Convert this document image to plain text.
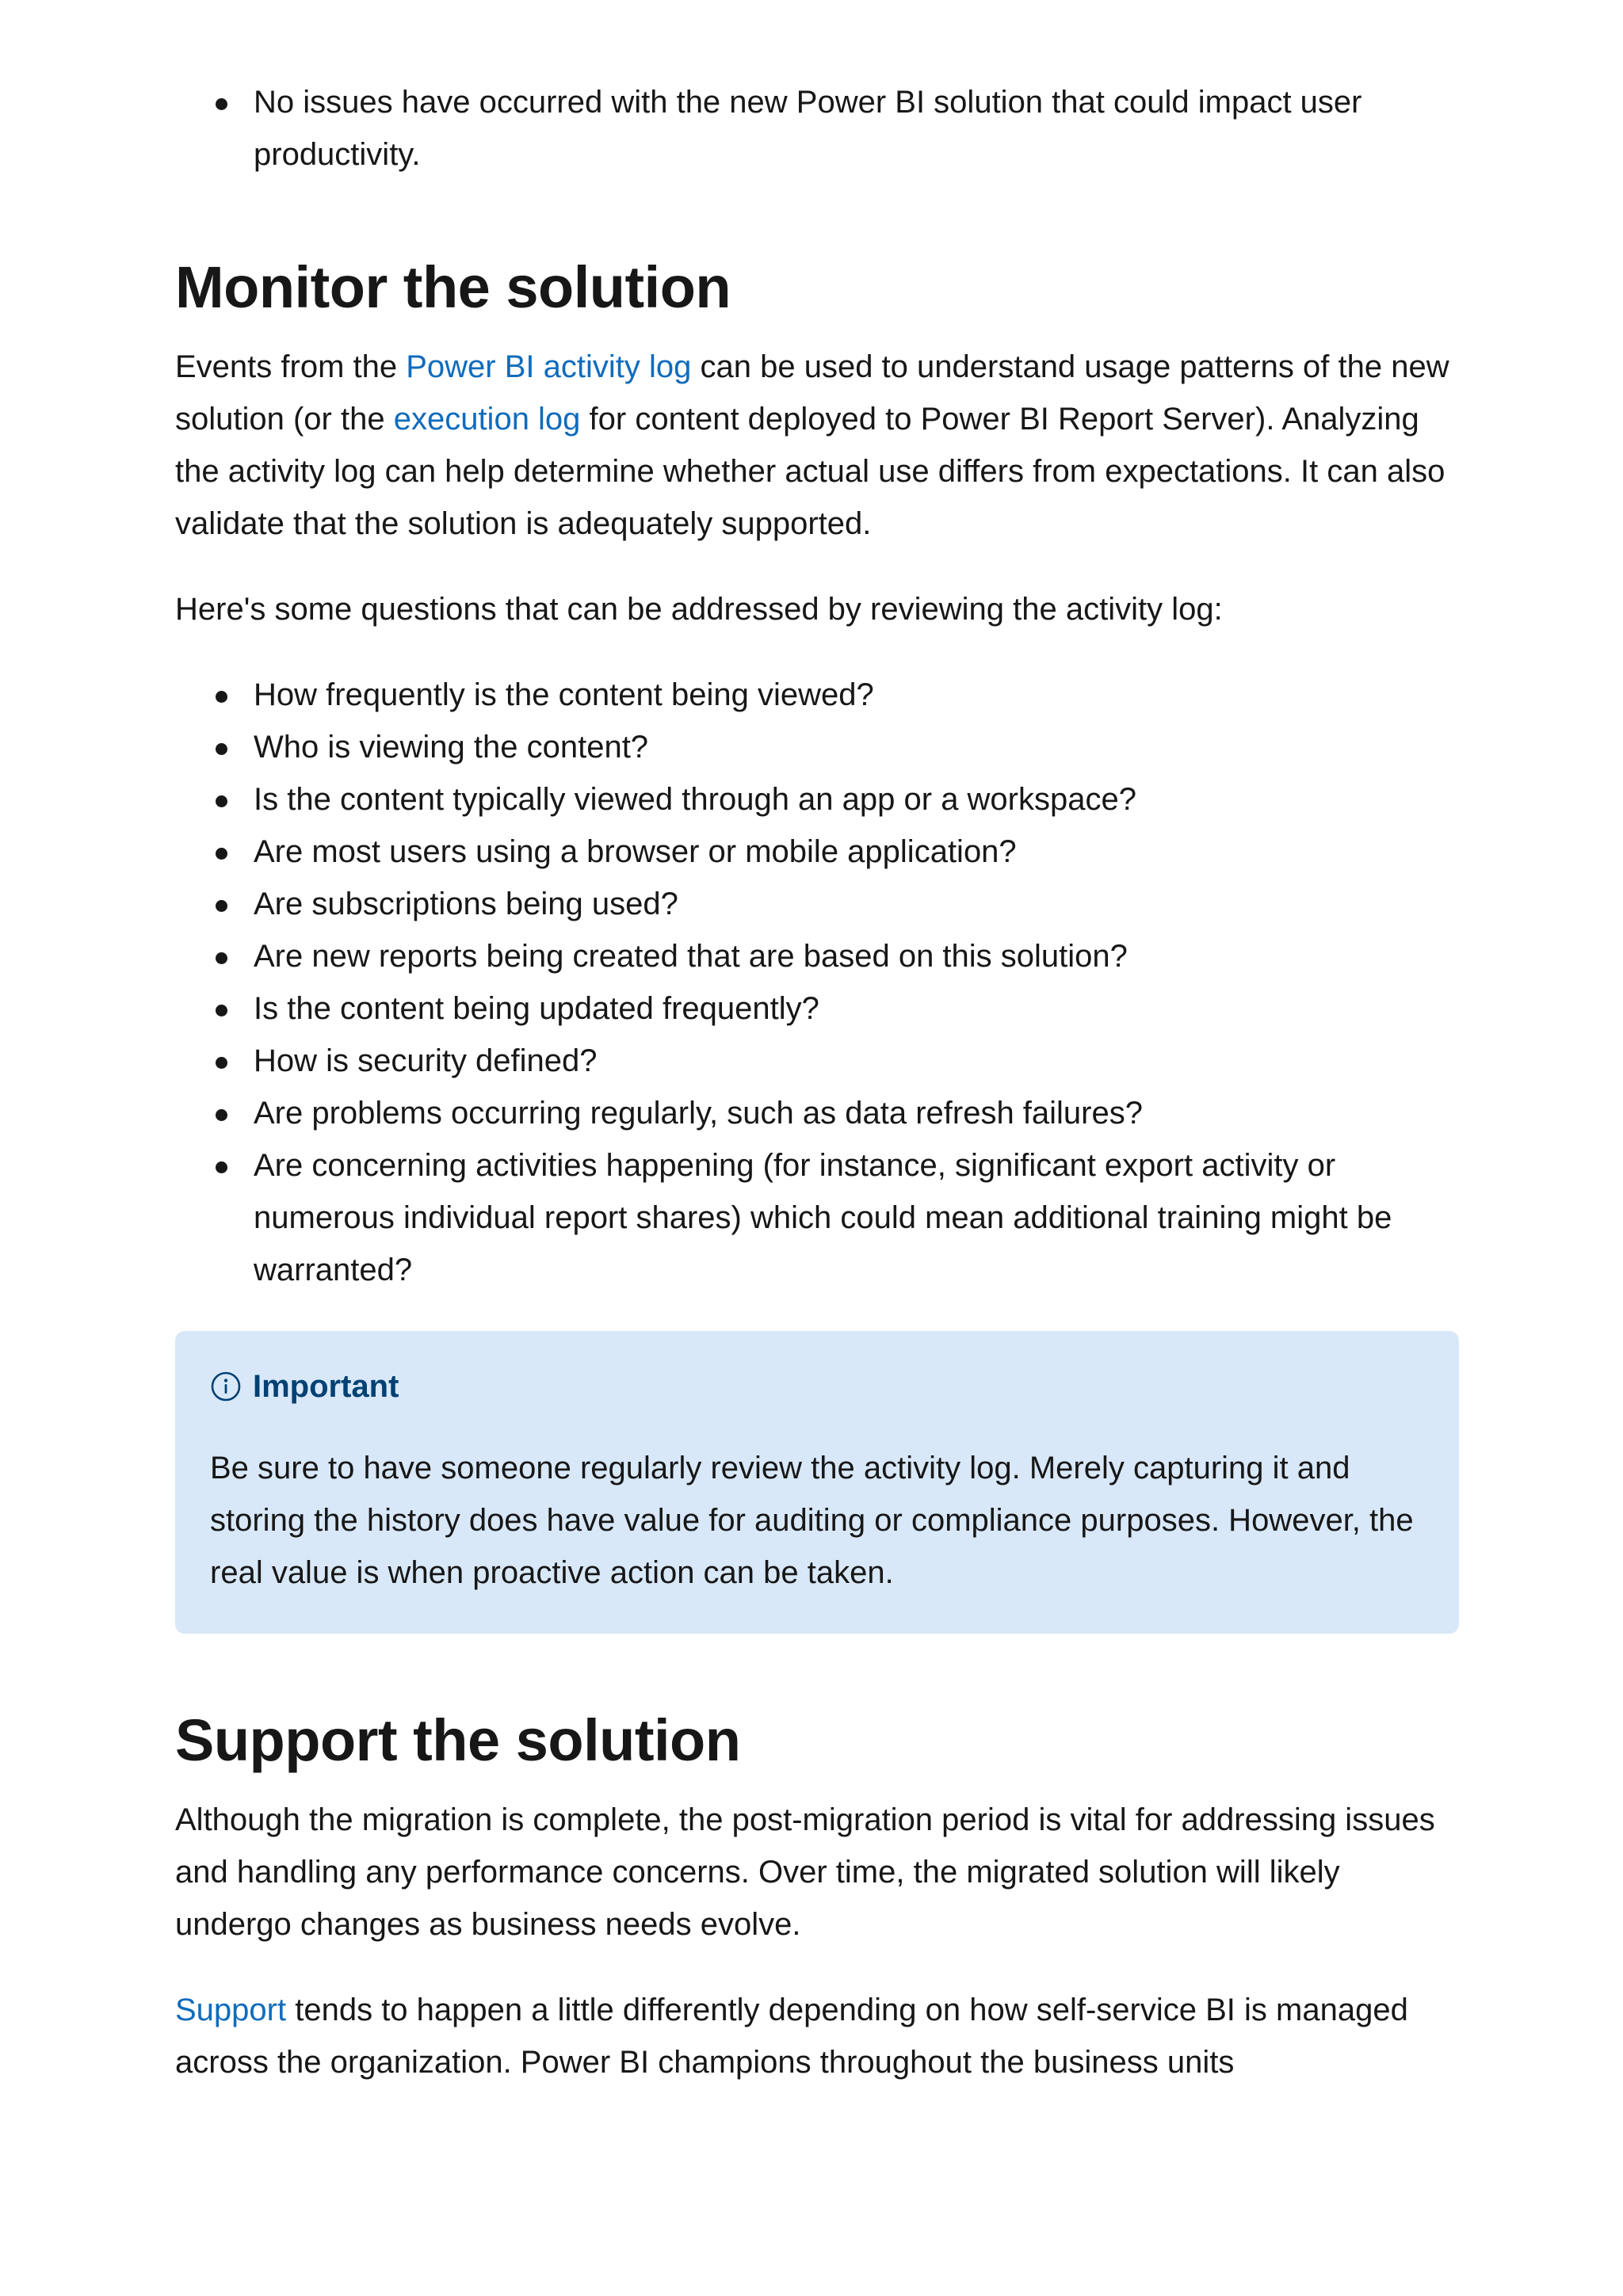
No issues have occurred with the new Power BI solution that could impact user productivity.
Monitor the solution

Events from the Power BI activity log can be used to understand usage patterns of the new solution (or the execution log for content deployed to Power BI Report Server). Analyzing the activity log can help determine whether actual use differs from expectations. It can also validate that the solution is adequately supported.

Here's some questions that can be addressed by reviewing the activity log:

How frequently is the content being viewed?
Who is viewing the content?
Is the content typically viewed through an app or a workspace?
Are most users using a browser or mobile application?
Are subscriptions being used?
Are new reports being created that are based on this solution?
Is the content being updated frequently?
How is security defined?
Are problems occurring regularly, such as data refresh failures?
Are concerning activities happening (for instance, significant export activity or numerous individual report shares) which could mean additional training might be warranted?
Important

Be sure to have someone regularly review the activity log. Merely capturing it and storing the history does have value for auditing or compliance purposes. However, the real value is when proactive action can be taken.

Support the solution

Although the migration is complete, the post-migration period is vital for addressing issues and handling any performance concerns. Over time, the migrated solution will likely undergo changes as business needs evolve.

Support tends to happen a little differently depending on how self-service BI is managed across the organization. Power BI champions throughout the business units
